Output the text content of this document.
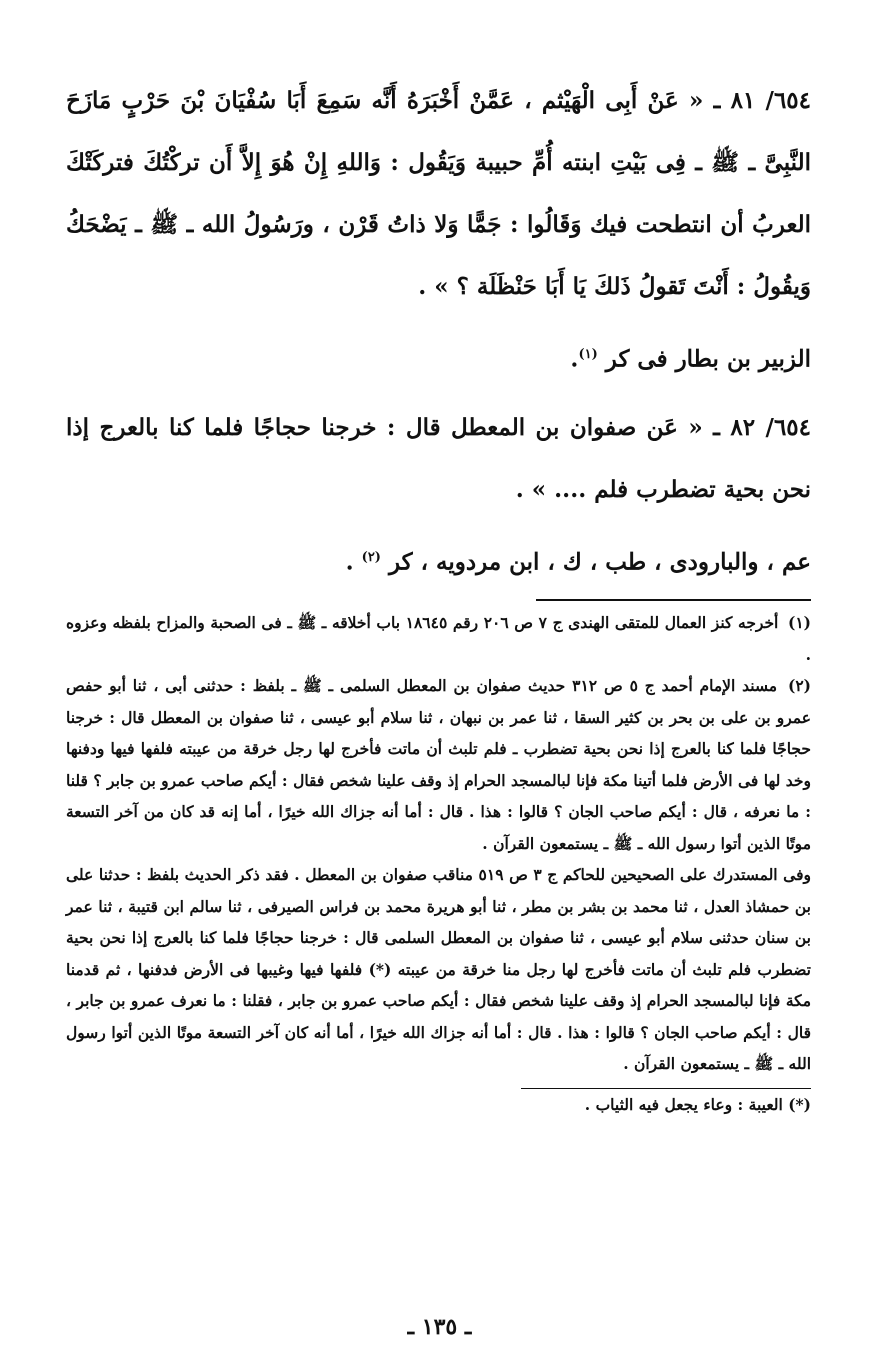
٦٥٤/ ٨١ ـ « عَنْ أَبِى الْهَيْثم ، عَمَّنْ أَخْبَرَهُ أَنَّه سَمِعَ أَبَا سُفْيَانَ بْنَ حَرْبٍ مَازَحَ النَّبِىَّ ـ ﷺ ـ فِى بَيْتِ ابنته أُمِّ حبيبة وَيَقُول : وَاللهِ إِنْ هُوَ إِلاَّ أَن تركْتُكَ فتركَتْكَ العربُ أن انتطحت فيك وَقَالُوا : جَمًّا وَلا ذاتُ قَرْن ، ورَسُولُ الله ـ ﷺ ـ يَضْحَكُ وَيقُولُ : أَنْتَ تَقولُ ذَلكَ يَا أَبَا حَنْظَلَة ؟ » .

الزبير بن بطار فى كر $^{(١)}$.

٦٥٤/ ٨٢ ـ « عَن صفوان بن المعطل قال : خرجنا حجاجًا فلما كنا بالعرج إذا نحن بحية تضطرب فلم .... » .

عم ، والبارودى ، طب ، ك ، ابن مردويه ، كر $^{(٢)}$ .

(١) أخرجه كنز العمال للمتقى الهندى ج ٧ ص ٢٠٦ رقم ١٨٦٤٥ باب أخلاقه ـ ﷺ ـ فى الصحبة والمزاح بلفظه وعزوه .

(٢) مسند الإمام أحمد ج ٥ ص ٣١٢ حديث صفوان بن المعطل السلمى ـ ﷺ ـ بلفظ : حدثنى أبى ، ثنا أبو حفص عمرو بن على بن بحر بن كثير السقا ، ثنا عمر بن نبهان ، ثنا سلام أبو عيسى ، ثنا صفوان بن المعطل قال : خرجنا حجاجًا فلما كنا بالعرج إذا نحن بحية تضطرب ـ فلم تلبث أن ماتت فأخرج لها رجل خرقة من عيبته فلفها فيها ودفنها وخد لها فى الأرض فلما أتينا مكة فإنا لبالمسجد الحرام إذ وقف علينا شخص فقال : أيكم صاحب عمرو بن جابر ؟ قلنا : ما نعرفه ، قال : أيكم صاحب الجان ؟ قالوا : هذا . قال : أما أنه جزاك الله خيرًا ، أما إنه قد كان من آخر التسعة موتًا الذين أتوا رسول الله ـ ﷺ ـ يستمعون القرآن .

وفى المستدرك على الصحيحين للحاكم ج ٣ ص ٥١٩ مناقب صفوان بن المعطل . فقد ذكر الحديث بلفظ : حدثنا على بن حمشاذ العدل ، ثنا محمد بن بشر بن مطر ، ثنا أبو هريرة محمد بن فراس الصيرفى ، ثنا سالم ابن قتيبة ، ثنا عمر بن سنان حدثنى سلام أبو عيسى ، ثنا صفوان بن المعطل السلمى قال : خرجنا حجاجًا فلما كنا بالعرج إذا نحن بحية تضطرب فلم تلبث أن ماتت فأخرج لها رجل منا خرقة من عيبته (*) فلفها فيها وغيبها فى الأرض فدفنها ، ثم قدمنا مكة فإنا لبالمسجد الحرام إذ وقف علينا شخص فقال : أيكم صاحب عمرو بن جابر ، فقلنا : ما نعرف عمرو بن جابر ، قال : أيكم صاحب الجان ؟ قالوا : هذا . قال : أما أنه جزاك الله خيرًا ، أما أنه كان آخر التسعة موتًا الذين أتوا رسول الله ـ ﷺ ـ يستمعون القرآن .

(*) العيبة : وعاء يجعل فيه الثياب .

ـ ١٣٥ ـ
